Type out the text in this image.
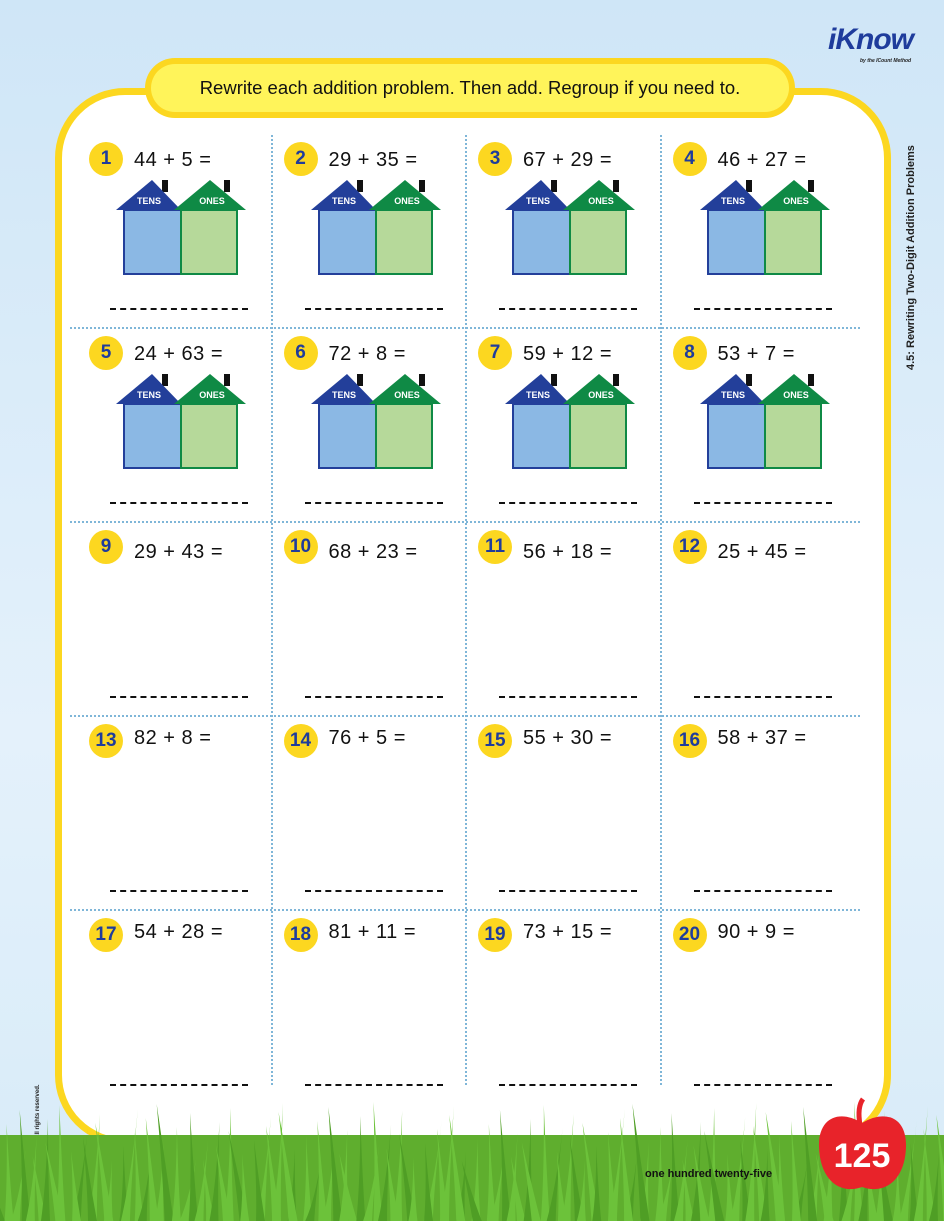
Rewrite each addition problem. Then add. Regroup if you need to.
iKnow
by the ICount Method
4.5: Rewriting Two-Digit Addition Problems
1	44 + 5 =
TENS	ONES
2	29 + 35 =
TENS	ONES
3	67 + 29 =
TENS	ONES
4	46 + 27 =
TENS	ONES
5	24 + 63 =
TENS	ONES
6	72 + 8 =
TENS	ONES
7	59 + 12 =
TENS	ONES
8	53 + 7 =
TENS	ONES
9	29 + 43 =	10 68 + 23 =	11 56 + 18 =	12 25 + 45 =
13 82 + 8 =	14 76 + 5 =	15 55 + 30 =	16 58 + 37 =
17 54 + 28 =	18 81 + 11 =	19 73 + 15 =	20 90 + 9 =
one hundred twenty-five 125
